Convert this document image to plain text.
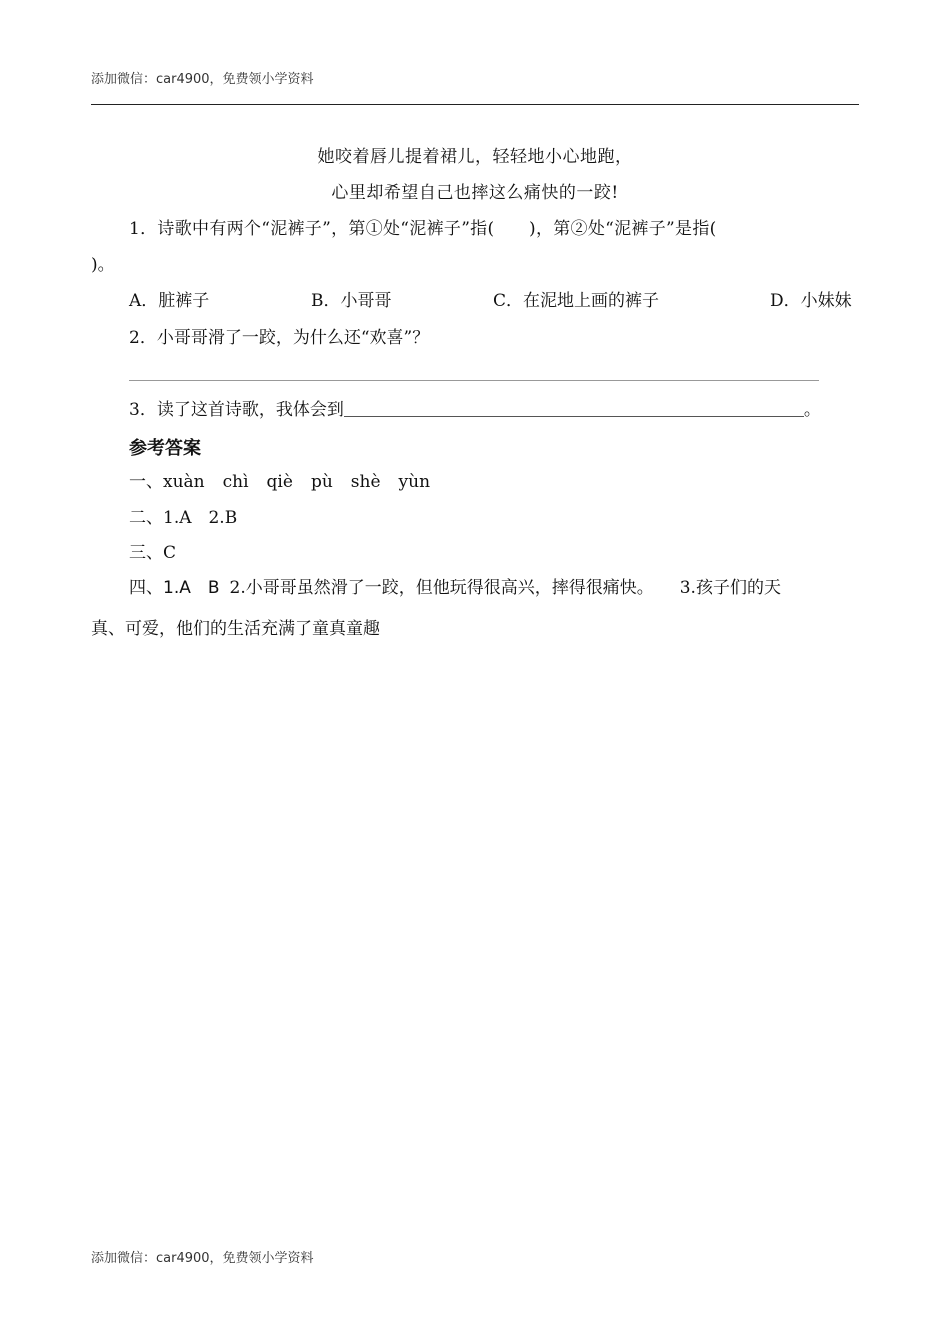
添加微信：car4900，免费领小学资料
她咬着唇儿提着裙儿，轻轻地小心地跑，
心里却希望自己也摔这么痛快的一跤!
1．诗歌中有两个“泥裤子”，第①处“泥裤子”指(　　)，第②处“泥裤子”是指(
)。
A．脏裤子	B．小哥哥	C．在泥地上画的裤子	D．小妹妹
2．小哥哥滑了一跤，为什么还“欢喜”？
3．读了这首诗歌，我体会到	。
参考答案
一、xuàn chì qiè pù shè yùn
二、1.A　2.B
三、C
四、1.A　B 2.小哥哥虽然滑了一跤，但他玩得很高兴，摔得很痛快。 3.孩子们的天
真、可爱，他们的生活充满了童真童趣
添加微信：car4900，免费领小学资料
